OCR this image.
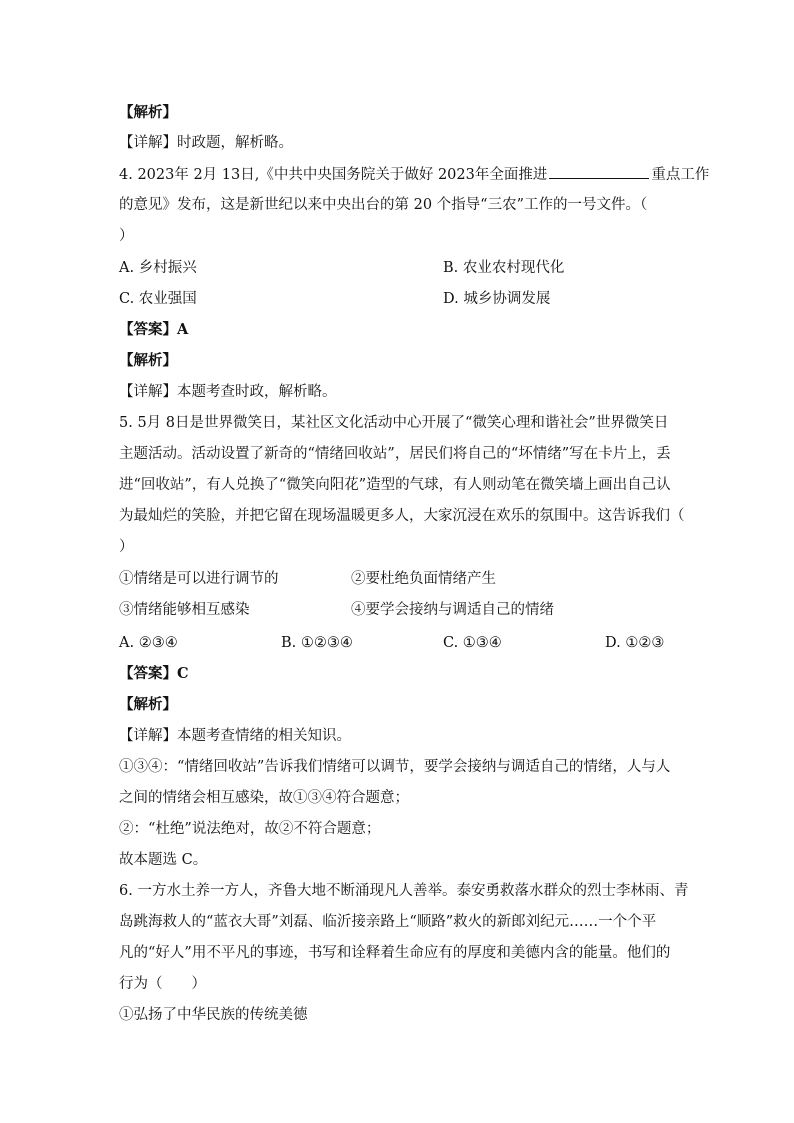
【解析】
【详解】时政题，解析略。
4. 2023年 2月 13日,《中共中央国务院关于做好 2023年全面推进	重点工作
的意见》发布，这是新世纪以来中央出台的第 20 个指导“三农”工作的一号文件。（
）
A. 乡村振兴	B. 农业农村现代化
C. 农业强国	D. 城乡协调发展
【答案】A
【解析】
【详解】本题考查时政，解析略。
5. 5月 8日是世界微笑日，某社区文化活动中心开展了“微笑心理和谐社会”世界微笑日
主题活动。活动设置了新奇的“情绪回收站”，居民们将自己的“坏情绪”写在卡片上，丢
进“回收站”，有人兑换了“微笑向阳花”造型的气球，有人则动笔在微笑墙上画出自己认
为最灿烂的笑脸，并把它留在现场温暖更多人，大家沉浸在欢乐的氛围中。这告诉我们（
）
①情绪是可以进行调节的	②要杜绝负面情绪产生
③情绪能够相互感染	④要学会接纳与调适自己的情绪
A. ②③④	B. ①②③④	C. ①③④	D. ①②③
【答案】C
【解析】
【详解】本题考查情绪的相关知识。
①③④：“情绪回收站”告诉我们情绪可以调节，要学会接纳与调适自己的情绪，人与人
之间的情绪会相互感染，故①③④符合题意；
②：“杜绝”说法绝对，故②不符合题意；
故本题选 C。
6. 一方水土养一方人，齐鲁大地不断涌现凡人善举。泰安勇救落水群众的烈士李林雨、青
岛跳海救人的“蓝衣大哥”刘磊、临沂接亲路上“顺路”救火的新郎刘纪元……一个个平
凡的“好人”用不平凡的事迹，书写和诠释着生命应有的厚度和美德内含的能量。他们的
行为（　　）
①弘扬了中华民族的传统美德
